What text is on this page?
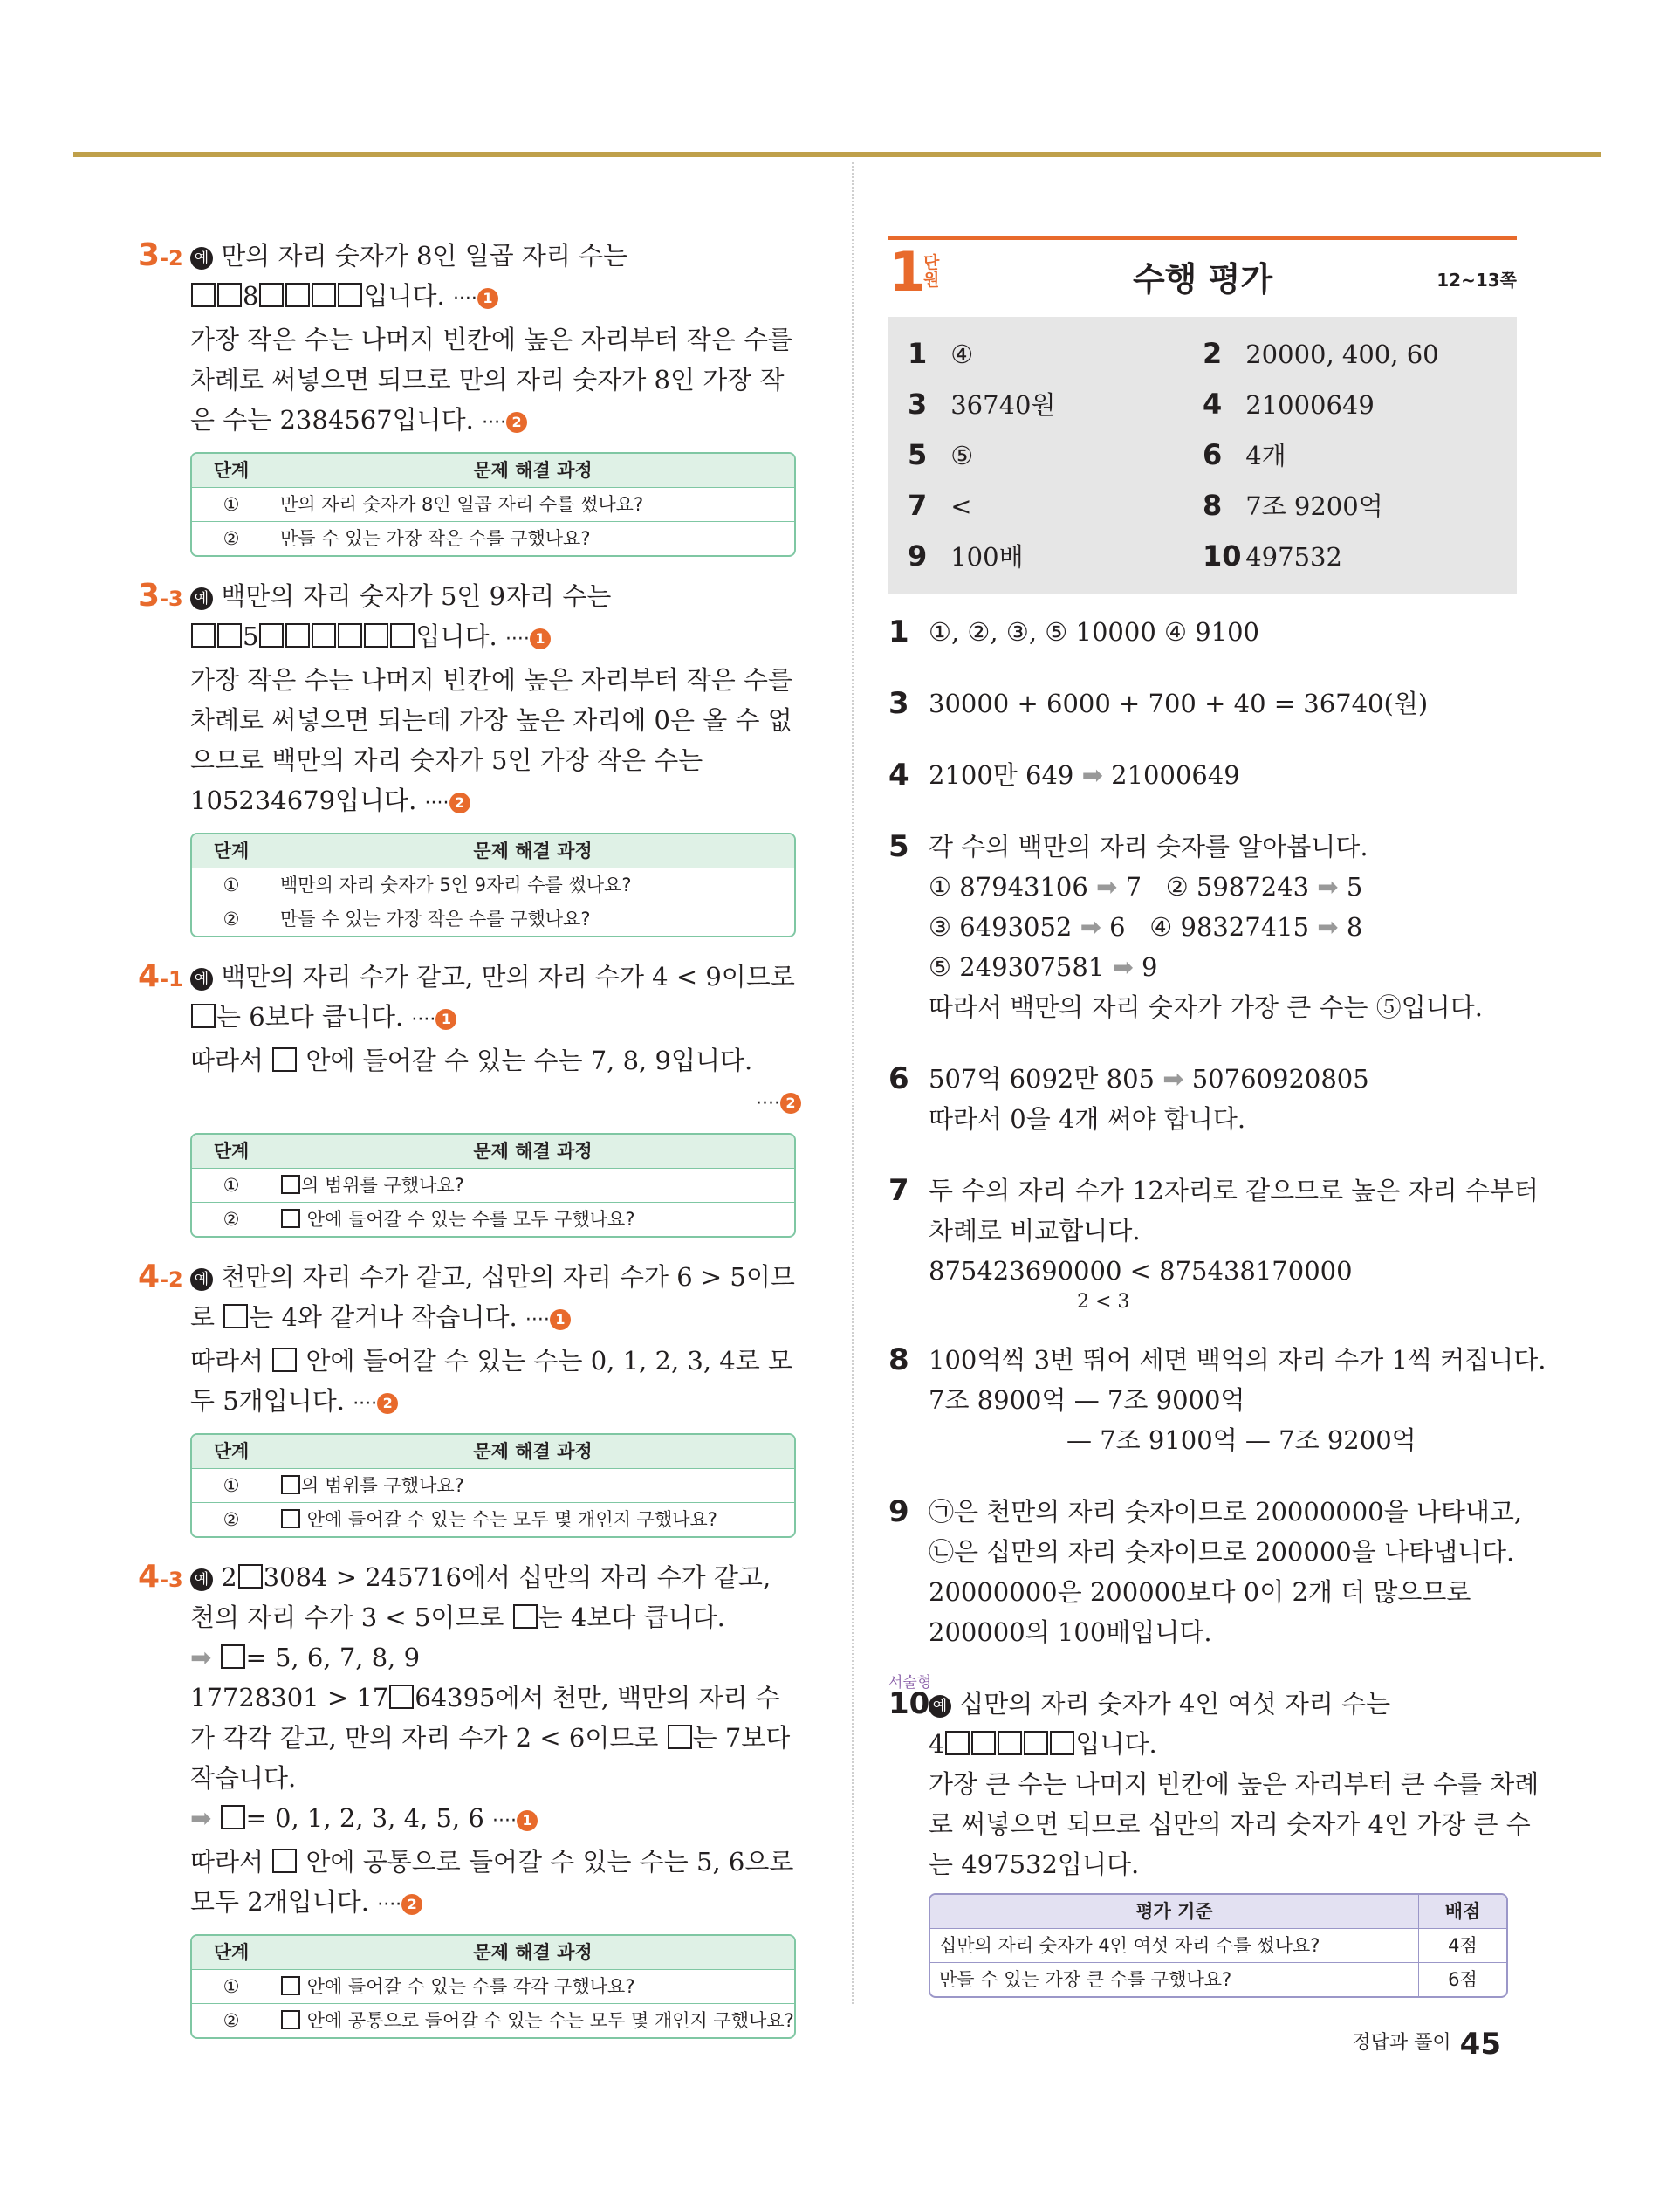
3-2 예 만의 자리 숫자가 8인 일곱 자리 수는
8	입니다. ···· 1
가장 작은 수는 나머지 빈칸에 높은 자리부터 작은 수를
차례로 써넣으면 되므로 만의 자리 숫자가 8인 가장 작
은 수는 2384567입니다. ···· 2
단계	문제 해결 과정
①	만의 자리 숫자가 8인 일곱 자리 수를 썼나요?
②	만들 수 있는 가장 작은 수를 구했나요?
3-3 예 백만의 자리 숫자가 5인 9자리 수는
5	입니다. ···· 1
가장 작은 수는 나머지 빈칸에 높은 자리부터 작은 수를
차례로 써넣으면 되는데 가장 높은 자리에 0은 올 수 없
으므로 백만의 자리 숫자가 5인 가장 작은 수는
105234679입니다. ···· 2
단계	문제 해결 과정
①	백만의 자리 숫자가 5인 9자리 수를 썼나요?
②	만들 수 있는 가장 작은 수를 구했나요?
4-1 예 백만의 자리 수가 같고, 만의 자리 수가 4 < 9이므로
는 6보다 큽니다. ···· 1
따라서 안에 들어갈 수 있는 수는 7, 8, 9입니다.
···· 2
단계	문제 해결 과정
①	의 범위를 구했나요?
②	안에 들어갈 수 있는 수를 모두 구했나요?
4-2 예 천만의 자리 수가 같고, 십만의 자리 수가 6 > 5이므
로 는 4와 같거나 작습니다. ···· 1
따라서 안에 들어갈 수 있는 수는 0, 1, 2, 3, 4로 모
두 5개입니다. ···· 2
단계	문제 해결 과정
①	의 범위를 구했나요?
②	안에 들어갈 수 있는 수는 모두 몇 개인지 구했나요?
4-3 예 2 3084 > 245716에서 십만의 자리 수가 같고,
천의 자리 수가 3 < 5이므로 는 4보다 큽니다.
➡ = 5, 6, 7, 8, 9
17728301 > 17 64395에서 천만, 백만의 자리 수
가 각각 같고, 만의 자리 수가 2 < 6이므로 는 7보다
작습니다.
➡ = 0, 1, 2, 3, 4, 5, 6 ···· 1
따라서 안에 공통으로 들어갈 수 있는 수는 5, 6으로
모두 2개입니다. ···· 2
단계	문제 해결 과정
①	안에 들어갈 수 있는 수를 각각 구했나요?
②	안에 공통으로 들어갈 수 있는 수는 모두 몇 개인지 구했나요?
1
단원	수행 평가	12~13쪽
1 ④	2 20000, 400, 60
3 36740원	4 21000649
5 ⑤	6 4개
7 <	8 7조 9200억
9 100배	10 497532
1 ①, ②, ③, ⑤ 10000 ④ 9100
3 30000 + 6000 + 700 + 40 = 36740(원)
4 2100만 649 ➡ 21000649
5 각 수의 백만의 자리 숫자를 알아봅니다.
① 87943106 ➡ 7 ② 5987243 ➡ 5
③ 6493052 ➡ 6 ④ 98327415 ➡ 8
⑤ 249307581 ➡ 9
따라서 백만의 자리 숫자가 가장 큰 수는 ⑤입니다.
6 507억 6092만 805 ➡ 50760920805
따라서 0을 4개 써야 합니다.
7 두 수의 자리 수가 12자리로 같으므로 높은 자리 수부터
차례로 비교합니다.
875423690000 < 875438170000
2 < 3
8 100억씩 3번 뛰어 세면 백억의 자리 수가 1씩 커집니다.
7조 8900억 — 7조 9000억
— 7조 9100억 — 7조 9200억
9 ㉠은 천만의 자리 숫자이므로 20000000을 나타내고,
㉡은 십만의 자리 숫자이므로 200000을 나타냅니다.
20000000은 200000보다 0이 2개 더 많으므로
200000의 100배입니다.
서술형
10 예 십만의 자리 숫자가 4인 여섯 자리 수는
4	입니다.
가장 큰 수는 나머지 빈칸에 높은 자리부터 큰 수를 차례
로 써넣으면 되므로 십만의 자리 숫자가 4인 가장 큰 수
는 497532입니다.
평가 기준	배점
십만의 자리 숫자가 4인 여섯 자리 수를 썼나요?	4점
만들 수 있는 가장 큰 수를 구했나요?	6점
정답과 풀이 45
